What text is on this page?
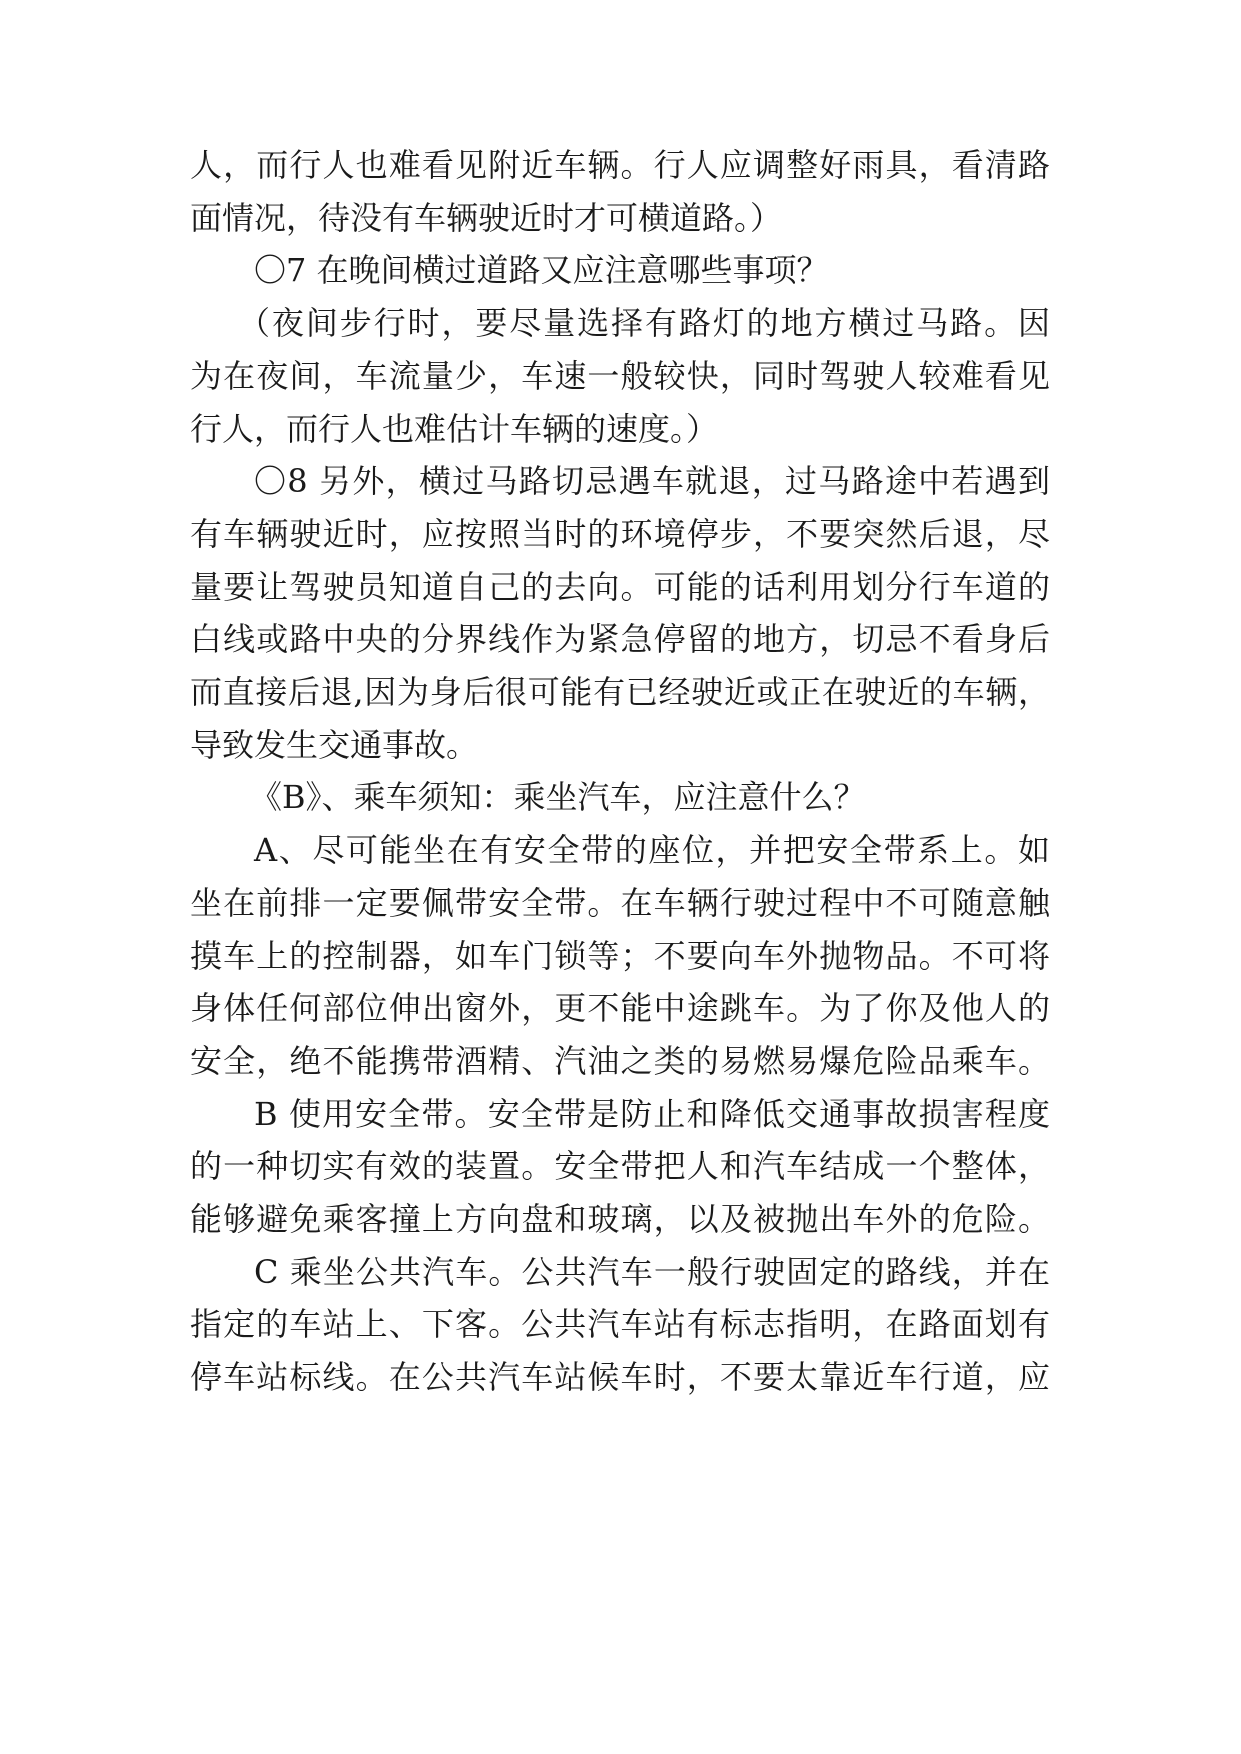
人，而行人也难看见附近车辆。行人应调整好雨具，看清路
面情况，待没有车辆驶近时才可横道路。）
〇7 在晚间横过道路又应注意哪些事项？
（夜间步行时，要尽量选择有路灯的地方横过马路。因
为在夜间，车流量少，车速一般较快，同时驾驶人较难看见
行人，而行人也难估计车辆的速度。）
〇8 另外，横过马路切忌遇车就退，过马路途中若遇到
有车辆驶近时，应按照当时的环境停步，不要突然后退，尽
量要让驾驶员知道自己的去向。可能的话利用划分行车道的
白线或路中央的分界线作为紧急停留的地方，切忌不看身后
而直接后退,因为身后很可能有已经驶近或正在驶近的车辆，
导致发生交通事故。
《B》、乘车须知：乘坐汽车，应注意什么？
A、尽可能坐在有安全带的座位，并把安全带系上。如
坐在前排一定要佩带安全带。在车辆行驶过程中不可随意触
摸车上的控制器，如车门锁等；不要向车外抛物品。不可将
身体任何部位伸出窗外，更不能中途跳车。为了你及他人的
安全，绝不能携带酒精、汽油之类的易燃易爆危险品乘车。
B 使用安全带。安全带是防止和降低交通事故损害程度
的一种切实有效的装置。安全带把人和汽车结成一个整体，
能够避免乘客撞上方向盘和玻璃，以及被抛出车外的危险。
C 乘坐公共汽车。公共汽车一般行驶固定的路线，并在
指定的车站上、下客。公共汽车站有标志指明，在路面划有
停车站标线。在公共汽车站候车时，不要太靠近车行道，应
